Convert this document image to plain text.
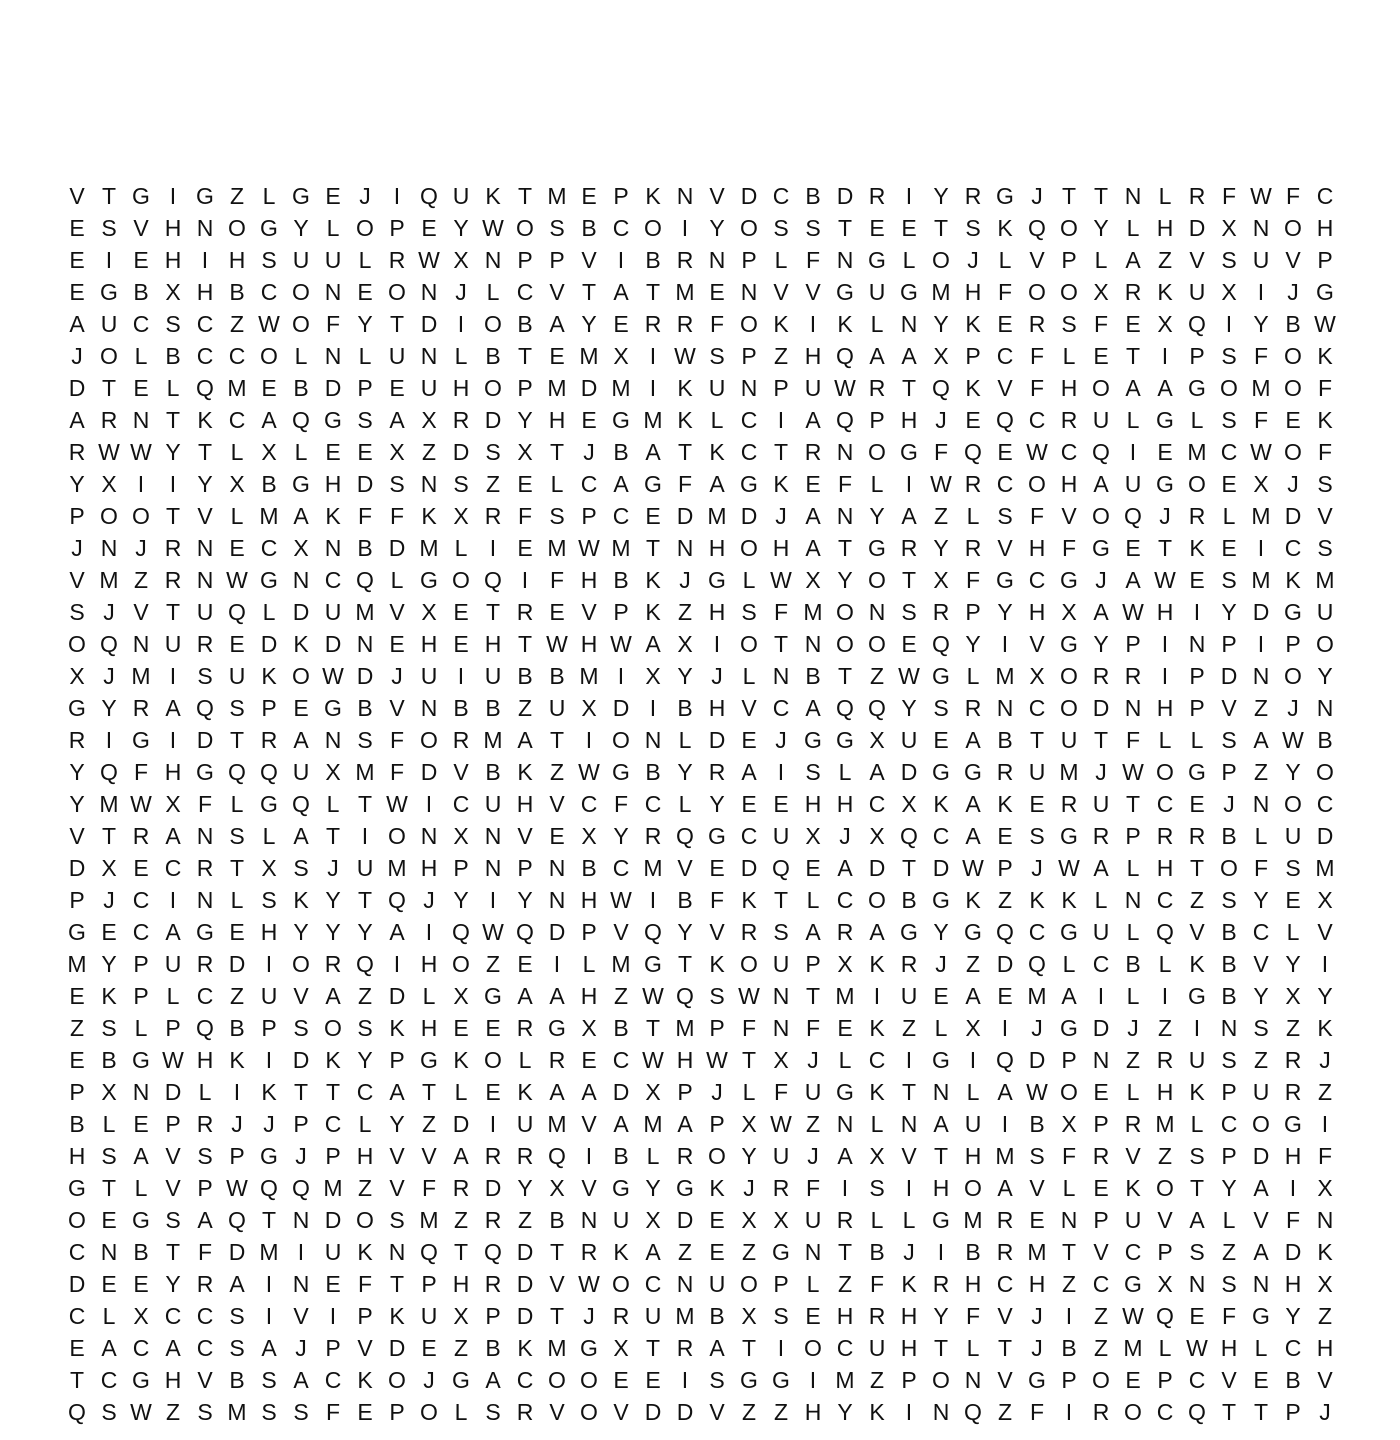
V T G I G Z L G E J	I Q U K T M E P K N V D C B D R I Y R G J T T N L R F W F C
E S V H N O G Y L O P E Y W O S B C O I Y O S S T E E T S K Q O Y L H D X N O H
E I E H I H S U U L R W X N P P V I B R N P L F N G L O J L V P L A Z V S U V P
E G B X H B C O N E O N J L C V T A T M E N V V G U G M H F O O X R K U X I	J G
A U C S C Z W O F Y T D I O B A Y E R R F O K I K L N Y K E R S F E X Q I Y B W
J O L B C C O L N L U N L B T E M X I W S P Z H Q A A X P C F L E T I P S F O K
D T E L Q M E B D P E U H O P M D M I K U N P U W R T Q K V F H O A A G O M O F
A R N T K C A Q G S A X R D Y H E G M K L C I A Q P H J E Q C R U L G L S F E K
R W W Y T L X L E E X Z D S X T J B A T K C T R N O G F Q E W C Q I E M C W O F
Y X I	I Y X B G H D S N S Z E L C A G F A G K E F L I W R C O H A U G O E X J S
P O O T V L M A K F F K X R F S P C E D M D J A N Y A Z L S F V O Q J R L M D V
J N J R N E C X N B D M L I E M W M T N H O H A T G R Y R V H F G E T K E I C S
V M Z R N W G N C Q L G O Q I F H B K J G L W X Y O T X F G C G J A W E S M K M
S J V T U Q L D U M V X E T R E V P K Z H S F M O N S R P Y H X A W H I Y D G U
O Q N U R E D K D N E H E H T W H W A X I O T N O O E Q Y I V G Y P I N P I P O
X J M I S U K O W D J U I U B B M I X Y J L N B T Z W G L M X O R R I P D N O Y
G Y R A Q S P E G B V N B B Z U X D I B H V C A Q Q Y S R N C O D N H P V Z J N
R I G I D T R A N S F O R M A T I O N L D E J G G X U E A B T U T F L L S A W B
Y Q F H G Q Q U X M F D V B K Z W G B Y R A I S L A D G G R U M J W O G P Z Y O
Y M W X F L G Q L T W I C U H V C F C L Y E E H H C X K A K E R U T C E J N O C
V T R A N S L A T I O N X N V E X Y R Q G C U X J X Q C A E S G R P R R B L U D
D X E C R T X S J U M H P N P N B C M V E D Q E A D T D W P J W A L H T O F S M
P J C I N L S K Y T Q J Y I Y N H W I B F K T L C O B G K Z K K L N C Z S Y E X
G E C A G E H Y Y Y A I Q W Q D P V Q Y V R S A R A G Y G Q C G U L Q V B C L V
M Y P U R D I O R Q I H O Z E I L M G T K O U P X K R J Z D Q L C B L K B V Y I
E K P L C Z U V A Z D L X G A A H Z W Q S W N T M I U E A E M A I L I G B Y X Y
Z S L P Q B P S O S K H E E R G X B T M P F N F E K Z L X I	J G D J Z I N S Z K
E B G W H K I D K Y P G K O L R E C W H W T X J L C I G I Q D P N Z R U S Z R J
P X N D L I K T T C A T L E K A A D X P J L F U G K T N L A W O E L H K P U R Z
B L E P R J J P C L Y Z D I U M V A M A P X W Z N L N A U I B X P R M L C O G I
H S A V S P G J P H V V A R R Q I B L R O Y U J A X V T H M S F R V Z S P D H F
G T L V P W Q Q M Z V F R D Y X V G Y G K J R F I S I H O A V L E K O T Y A I X
O E G S A Q T N D O S M Z R Z B N U X D E X X U R L L G M R E N P U V A L V F N
C N B T F D M I U K N Q T Q D T R K A Z E Z G N T B J	I B R M T V C P S Z A D K
D E E Y R A I N E F T P H R D V W O C N U O P L Z F K R H C H Z C G X N S N H X
C L X C C S I V I P K U X P D T J R U M B X S E H R H Y F V J	I Z W Q E F G Y Z
E A C A C S A J P V D E Z B K M G X T R A T I O C U H T L T J B Z M L W H L C H
T C G H V B S A C K O J G A C O O E E I S G G I M Z P O N V G P O E P C V E B V
Q S W Z S M S S F E P O L S R V O V D D V Z Z H Y K I N Q Z F I R O C Q T T P J
